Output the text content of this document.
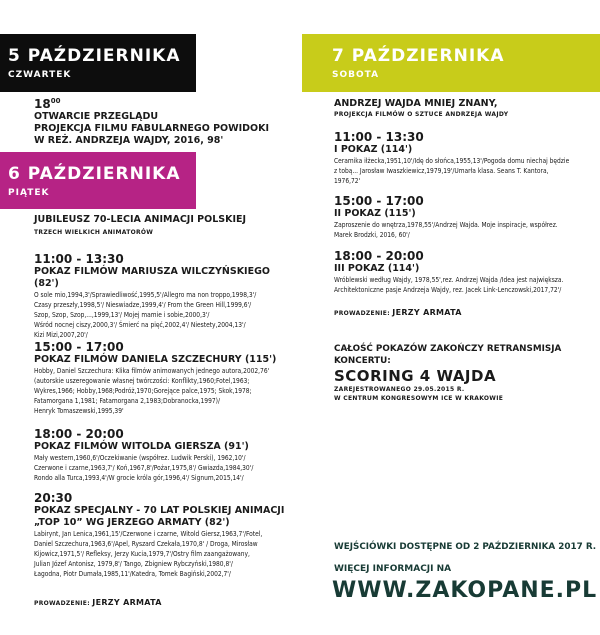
5 PAŹDZIERNIKA
CZWARTEK
$18^{00}$
OTWARCIE PRZEGLĄDU
PROJEKCJA FILMU FABULARNEGO POWIDOKI
W REŻ. ANDRZEJA WAJDY, 2016, 98'
6 PAŹDZIERNIKA
PIĄTEK
JUBILEUSZ 70-LECIA ANIMACJI POLSKIEJ
TRZECH WIELKICH ANIMATORÓW
11:00 - 13:30
POKAZ FILMÓW MARIUSZA WILCZYŃSKIEGO (82')
O sole mio,1994,3'/Sprawiedliwość,1995,5'/Allegro ma non troppo,1998,3'/
Czasy przeszły,1998,5'/ Nieswiadze,1999,4'/ From the Green Hill,1999,6'/
Szop, Szop, Szop,...,1999,13'/ Mojej mamie i sobie,2000,3'/
Wśród nocnej ciszy,2000,3'/ Śmierć na pięć,2002,4'/ Niestety,2004,13'/
Kizi Mizi,2007,20'/
15:00 - 17:00
POKAZ FILMÓW DANIELA SZCZECHURY (115')
Hobby, Daniel Szczechura: Klika filmów animowanych jednego autora,2002,76'
(autorskie uszeregowanie własnej twórczości: Konflikty,1960;Fotel,1963;
Wykres,1966; Hobby,1968;Podróż,1970;Gorejące palce,1975; Skok,1978;
Fatamorgana 1,1981; Fatamorgana 2,1983;Dobranocka,1997)/
Henryk Tomaszewski,1995,39'
18:00 - 20:00
POKAZ FILMÓW WITOLDA GIERSZA (91')
Mały western,1960,6'/Oczekiwanie (współrez. Ludwik Perski), 1962,10'/
Czerwone i czarne,1963,7'/ Koń,1967,8'/Pożar,1975,8'/ Gwiazda,1984,30'/
Rondo alla Turca,1993,4'/W grocie króla gór,1996,4'/ Signum,2015,14'/
20:30
POKAZ SPECJALNY - 70 LAT POLSKIEJ ANIMACJI
„TOP 10” WG JERZEGO ARMATY (82')
Labirynt, Jan Lenica,1961,15'/Czerwone i czarne, Witold Giersz,1963,7'/Fotel,
Daniel Szczechura,1963,6'/Apel, Ryszard Czekała,1970,8' / Droga, Mirosław
Kijowicz,1971,5'/ Refleksy, Jerzy Kucia,1979,7'/Ostry film zaangażowany,
Julian Józef Antonisz, 1979,8'/ Tango, Zbigniew Rybczyński,1980,8'/
Łagodna, Piotr Dumała,1985,11'/Katedra, Tomek Bagiński,2002,7'/
PROWADZENIE: JERZY ARMATA
7 PAŹDZIERNIKA
SOBOTA
ANDRZEJ WAJDA MNIEJ ZNANY,
PROJEKCJA FILMÓW O SZTUCE ANDRZEJA WAJDY
11:00 - 13:30
I POKAZ (114')
Ceramika iłżecka,1951,10'/Idę do słońca,1955,13'/Pogoda domu niechaj będzie
z tobą... Jarosław Iwaszkiewicz,1979,19'/Umarła klasa. Seans T. Kantora,
1976,72'
15:00 - 17:00
II POKAZ (115')
Zaproszenie do wnętrza,1978,55'/Andrzej Wajda. Moje inspiracje, współrez.
Marek Brodzki, 2016, 60'/
18:00 - 20:00
III POKAZ (114')
Wróblewski według Wajdy, 1978,55',rez. Andrzej Wajda /Idea jest największa.
Architektoniczne pasje Andrzeja Wajdy, rez. Jacek Link-Lenczowski,2017,72'/
PROWADZENIE: JERZY ARMATA
CAŁOŚĆ POKAZÓW ZAKOŃCZY RETRANSMISJA KONCERTU:
SCORING 4 WAJDA
ZAREJESTROWANEGO 29.05.2015 R.
W CENTRUM KONGRESOWYM ICE W KRAKOWIE
WEJŚCIÓWKI DOSTĘPNE OD 2 PAŹDZIERNIKA 2017 R.
WIĘCEJ INFORMACJI NA
WWW.ZAKOPANE.PL
